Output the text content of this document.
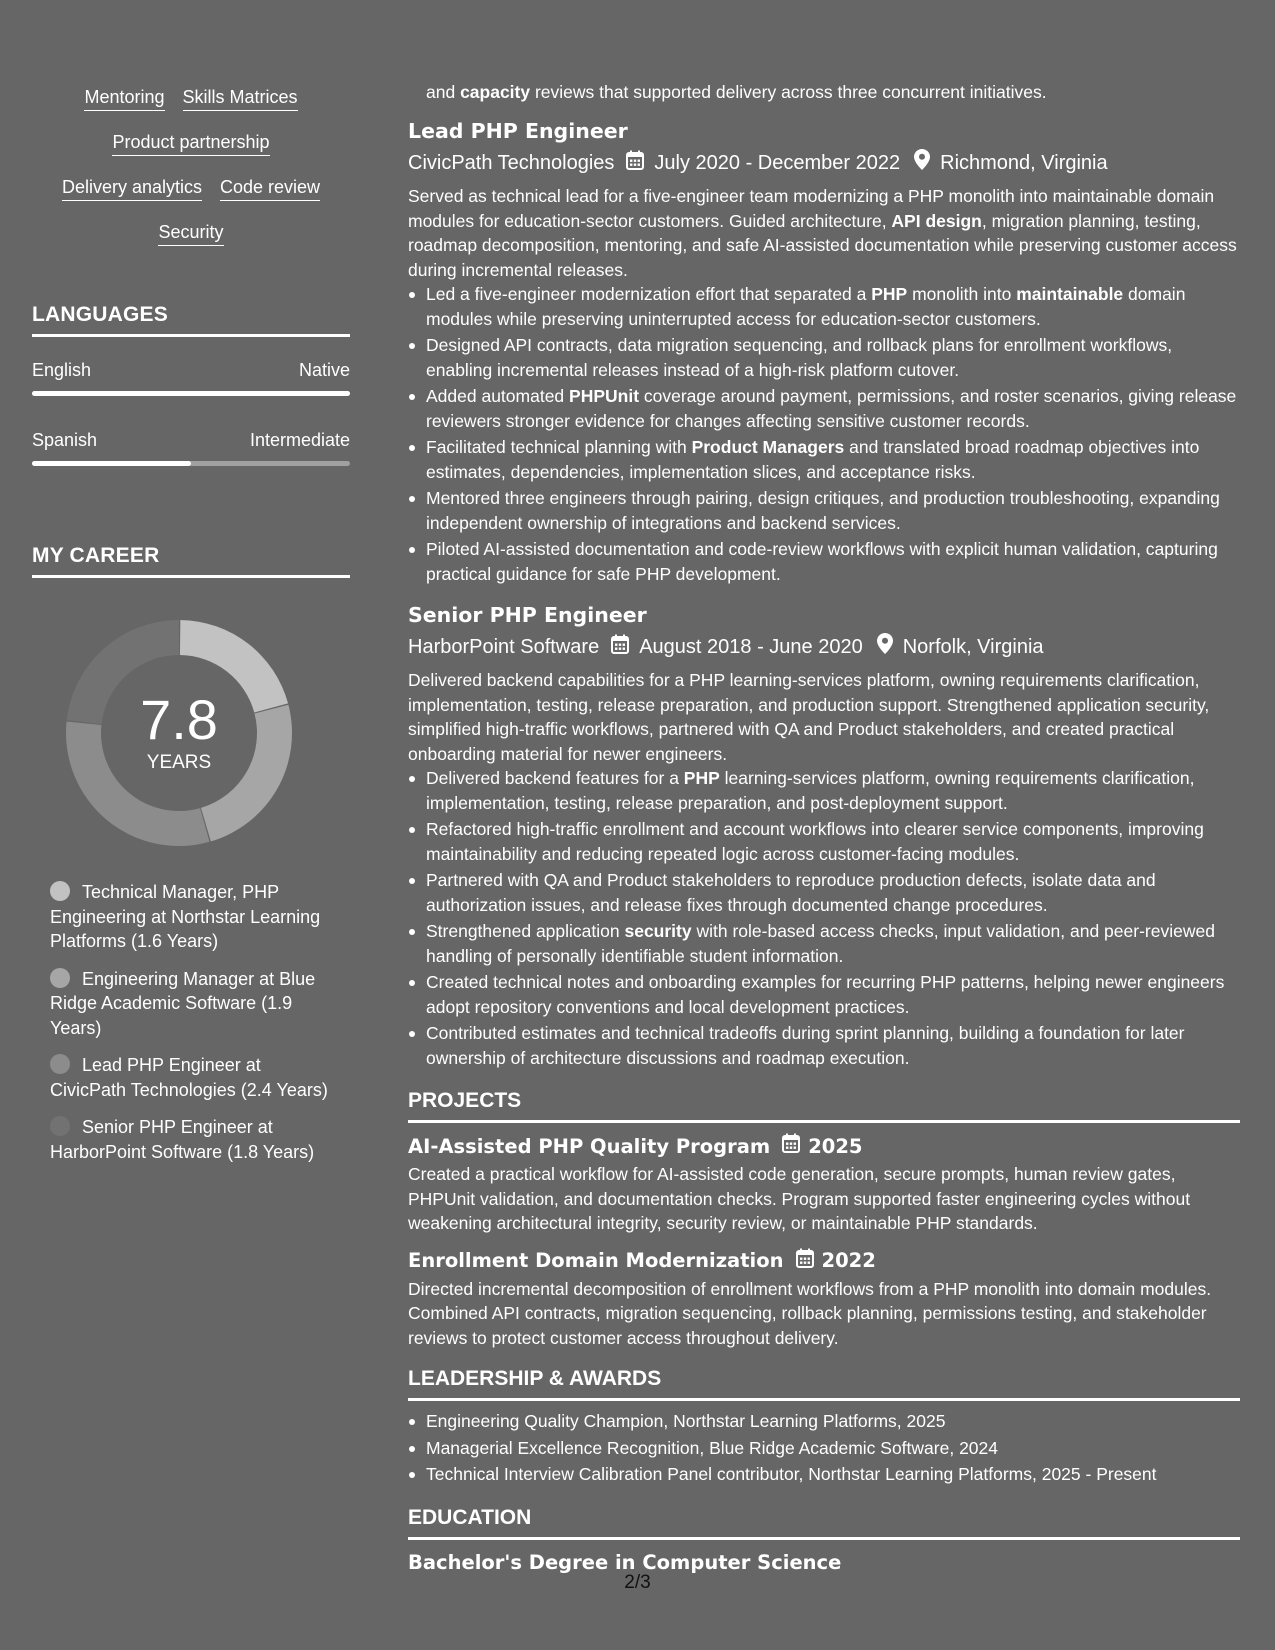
Mentoring Skills Matrices
Product partnership
Delivery analytics Code review
Security
LANGUAGES
English	Native
Spanish	Intermediate
MY CAREER
7.8
YEARS
Technical Manager, PHP Engineering at Northstar Learning Platforms (1.6 Years)
Engineering Manager at Blue Ridge Academic Software (1.9 Years)
Lead PHP Engineer at CivicPath Technologies (2.4 Years)
Senior PHP Engineer at HarborPoint Software (1.8 Years)
and capacity reviews that supported delivery across three concurrent initiatives.
Lead PHP Engineer
CivicPath Technologies July 2020 - December 2022 Richmond, Virginia
Served as technical lead for a five-engineer team modernizing a PHP monolith into maintainable domain modules for education-sector customers. Guided architecture, API design, migration planning, testing, roadmap decomposition, mentoring, and safe AI-assisted documentation while preserving customer access during incremental releases.
Led a five-engineer modernization effort that separated a PHP monolith into maintainable domain modules while preserving uninterrupted access for education-sector customers.
Designed API contracts, data migration sequencing, and rollback plans for enrollment workflows, enabling incremental releases instead of a high-risk platform cutover.
Added automated PHPUnit coverage around payment, permissions, and roster scenarios, giving release reviewers stronger evidence for changes affecting sensitive customer records.
Facilitated technical planning with Product Managers and translated broad roadmap objectives into estimates, dependencies, implementation slices, and acceptance risks.
Mentored three engineers through pairing, design critiques, and production troubleshooting, expanding independent ownership of integrations and backend services.
Piloted AI-assisted documentation and code-review workflows with explicit human validation, capturing practical guidance for safe PHP development.
Senior PHP Engineer
HarborPoint Software August 2018 - June 2020 Norfolk, Virginia
Delivered backend capabilities for a PHP learning-services platform, owning requirements clarification, implementation, testing, release preparation, and production support. Strengthened application security, simplified high-traffic workflows, partnered with QA and Product stakeholders, and created practical onboarding material for newer engineers.
Delivered backend features for a PHP learning-services platform, owning requirements clarification, implementation, testing, release preparation, and post-deployment support.
Refactored high-traffic enrollment and account workflows into clearer service components, improving maintainability and reducing repeated logic across customer-facing modules.
Partnered with QA and Product stakeholders to reproduce production defects, isolate data and authorization issues, and release fixes through documented change procedures.
Strengthened application security with role-based access checks, input validation, and peer-reviewed handling of personally identifiable student information.
Created technical notes and onboarding examples for recurring PHP patterns, helping newer engineers adopt repository conventions and local development practices.
Contributed estimates and technical tradeoffs during sprint planning, building a foundation for later ownership of architecture discussions and roadmap execution.
PROJECTS
AI-Assisted PHP Quality Program 2025
Created a practical workflow for AI-assisted code generation, secure prompts, human review gates, PHPUnit validation, and documentation checks. Program supported faster engineering cycles without weakening architectural integrity, security review, or maintainable PHP standards.
Enrollment Domain Modernization 2022
Directed incremental decomposition of enrollment workflows from a PHP monolith into domain modules. Combined API contracts, migration sequencing, rollback planning, permissions testing, and stakeholder reviews to protect customer access throughout delivery.
LEADERSHIP & AWARDS
Engineering Quality Champion, Northstar Learning Platforms, 2025
Managerial Excellence Recognition, Blue Ridge Academic Software, 2024
Technical Interview Calibration Panel contributor, Northstar Learning Platforms, 2025 - Present
EDUCATION
Bachelor's Degree in Computer Science
2/3
